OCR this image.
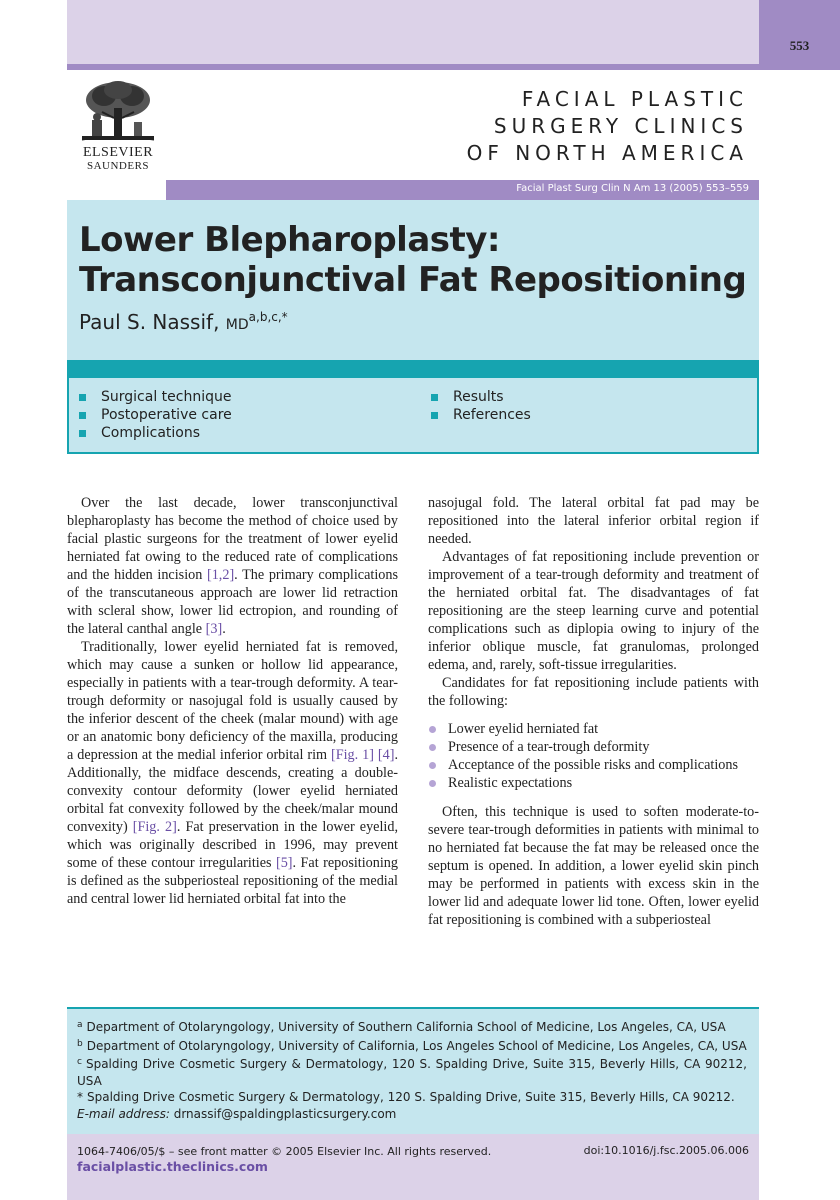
553
ELSEVIER
SAUNDERS
FACIAL PLASTIC
SURGERY CLINICS
OF NORTH AMERICA
Facial Plast Surg Clin N Am 13 (2005) 553–559
Lower Blepharoplasty:
Transconjunctival Fat Repositioning
Paul S. Nassif, $MD^{a,b,c,*}$
Surgical technique
Postoperative care
Complications
Results
References

Over the last decade, lower transconjunctival blepharoplasty has become the method of choice used by facial plastic surgeons for the treatment of lower eyelid herniated fat owing to the reduced rate of complications and the hidden incision [1,2]. The primary complications of the transcutaneous approach are lower lid retraction with scleral show, lower lid ectropion, and rounding of the lateral canthal angle [3].

Traditionally, lower eyelid herniated fat is removed, which may cause a sunken or hollow lid appearance, especially in patients with a tear-trough deformity. A tear-trough deformity or nasojugal fold is usually caused by the inferior descent of the cheek (malar mound) with age or an anatomic bony deficiency of the maxilla, producing a depression at the medial inferior orbital rim [Fig. 1] [4]. Additionally, the midface descends, creating a double-convexity contour deformity (lower eyelid herniated orbital fat convexity followed by the cheek/malar mound convexity) [Fig. 2]. Fat preservation in the lower eyelid, which was originally described in 1996, may prevent some of these contour irregularities [5]. Fat repositioning is defined as the subperiosteal repositioning of the medial and central lower lid herniated orbital fat into the

nasojugal fold. The lateral orbital fat pad may be repositioned into the lateral inferior orbital region if needed.

Advantages of fat repositioning include prevention or improvement of a tear-trough deformity and treatment of the herniated orbital fat. The disadvantages of fat repositioning are the steep learning curve and potential complications such as diplopia owing to injury of the inferior oblique muscle, fat granulomas, prolonged edema, and, rarely, soft-tissue irregularities.

Candidates for fat repositioning include patients with the following:

Lower eyelid herniated fat
Presence of a tear-trough deformity
Acceptance of the possible risks and complications
Realistic expectations

Often, this technique is used to soften moderate-to-severe tear-trough deformities in patients with minimal to no herniated fat because the fat may be released once the septum is opened. In addition, a lower eyelid skin pinch may be performed in patients with excess skin in the lower lid and adequate lower lid tone. Often, lower eyelid fat repositioning is combined with a subperiosteal

$^a$ Department of Otolaryngology, University of Southern California School of Medicine, Los Angeles, CA, USA

$^b$ Department of Otolaryngology, University of California, Los Angeles School of Medicine, Los Angeles, CA, USA

$^c$ Spalding Drive Cosmetic Surgery & Dermatology, 120 S. Spalding Drive, Suite 315, Beverly Hills, CA 90212, USA

* Spalding Drive Cosmetic Surgery & Dermatology, 120 S. Spalding Drive, Suite 315, Beverly Hills, CA 90212.

E-mail address: drnassif@spaldingplasticsurgery.com

1064-7406/05/$ – see front matter © 2005 Elsevier Inc. All rights reserved.
facialplastic.theclinics.com
doi:10.1016/j.fsc.2005.06.006
